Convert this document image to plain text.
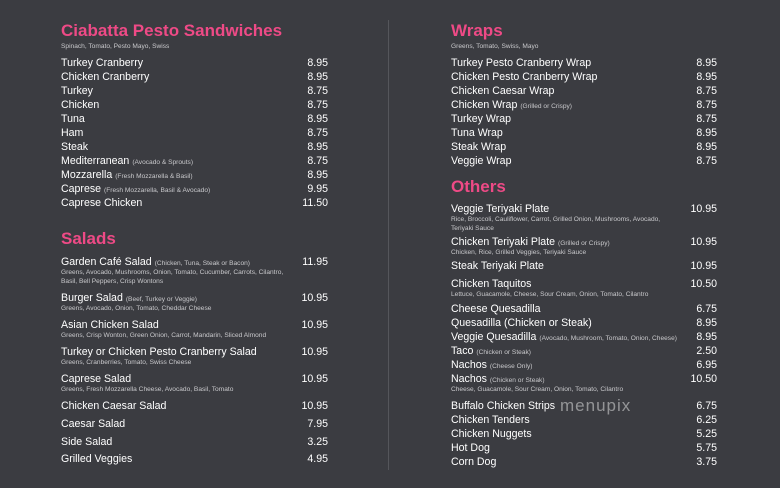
Ciabatta Pesto Sandwiches
Spinach, Tomato, Pesto Mayo, Swiss
Turkey Cranberry	8.95
Chicken Cranberry	8.95
Turkey	8.75
Chicken	8.75
Tuna	8.95
Ham	8.75
Steak	8.95
Mediterranean (Avocado & Sprouts)	8.75
Mozzarella (Fresh Mozzarella & Basil)	8.95
Caprese (Fresh Mozzarella, Basil & Avocado)	9.95
Caprese Chicken	11.50
Salads
Garden Café Salad (Chicken, Tuna, Steak or Bacon)	11.95
Greens, Avocado, Mushrooms, Onion, Tomato, Cucumber, Carrots, Cilantro, Basil, Bell Peppers, Crisp Wontons
Burger Salad (Beef, Turkey or Veggie)	10.95
Greens, Avocado, Onion, Tomato, Cheddar Cheese
Asian Chicken Salad	10.95
Greens, Crisp Wonton, Green Onion, Carrot, Mandarin, Sliced Almond
Turkey or Chicken Pesto Cranberry Salad	10.95
Greens, Cranberries, Tomato, Swiss Cheese
Caprese Salad	10.95
Greens, Fresh Mozzarella Cheese, Avocado, Basil, Tomato
Chicken Caesar Salad	10.95
Caesar Salad	7.95
Side Salad	3.25
Grilled Veggies	4.95
Wraps
Greens, Tomato, Swiss, Mayo
Turkey Pesto Cranberry Wrap	8.95
Chicken Pesto Cranberry Wrap	8.95
Chicken Caesar Wrap	8.75
Chicken Wrap (Grilled or Crispy)	8.75
Turkey Wrap	8.75
Tuna Wrap	8.95
Steak Wrap	8.95
Veggie Wrap	8.75
Others
Veggie Teriyaki Plate	10.95
Rice, Broccoli, Cauliflower, Carrot, Grilled Onion, Mushrooms, Avocado, Teriyaki Sauce
Chicken Teriyaki Plate (Grilled or Crispy)	10.95
Chicken, Rice, Grilled Veggies, Teriyaki Sauce
Steak Teriyaki Plate	10.95
Chicken Taquitos	10.50
Lettuce, Guacamole, Cheese, Sour Cream, Onion, Tomato, Cilantro
Cheese Quesadilla	6.75
Quesadilla (Chicken or Steak)	8.95
Veggie Quesadilla (Avocado, Mushroom, Tomato, Onion, Cheese) 8.95
Taco (Chicken or Steak)	2.50
Nachos (Cheese Only)	6.95
Nachos (Chicken or Steak)	10.50
Cheese, Guacamole, Sour Cream, Onion, Tomato, Cilantro
Buffalo Chicken Strips	6.75
Chicken Tenders	6.25
Chicken Nuggets	5.25
Hot Dog	5.75
Corn Dog	3.75
menupix
